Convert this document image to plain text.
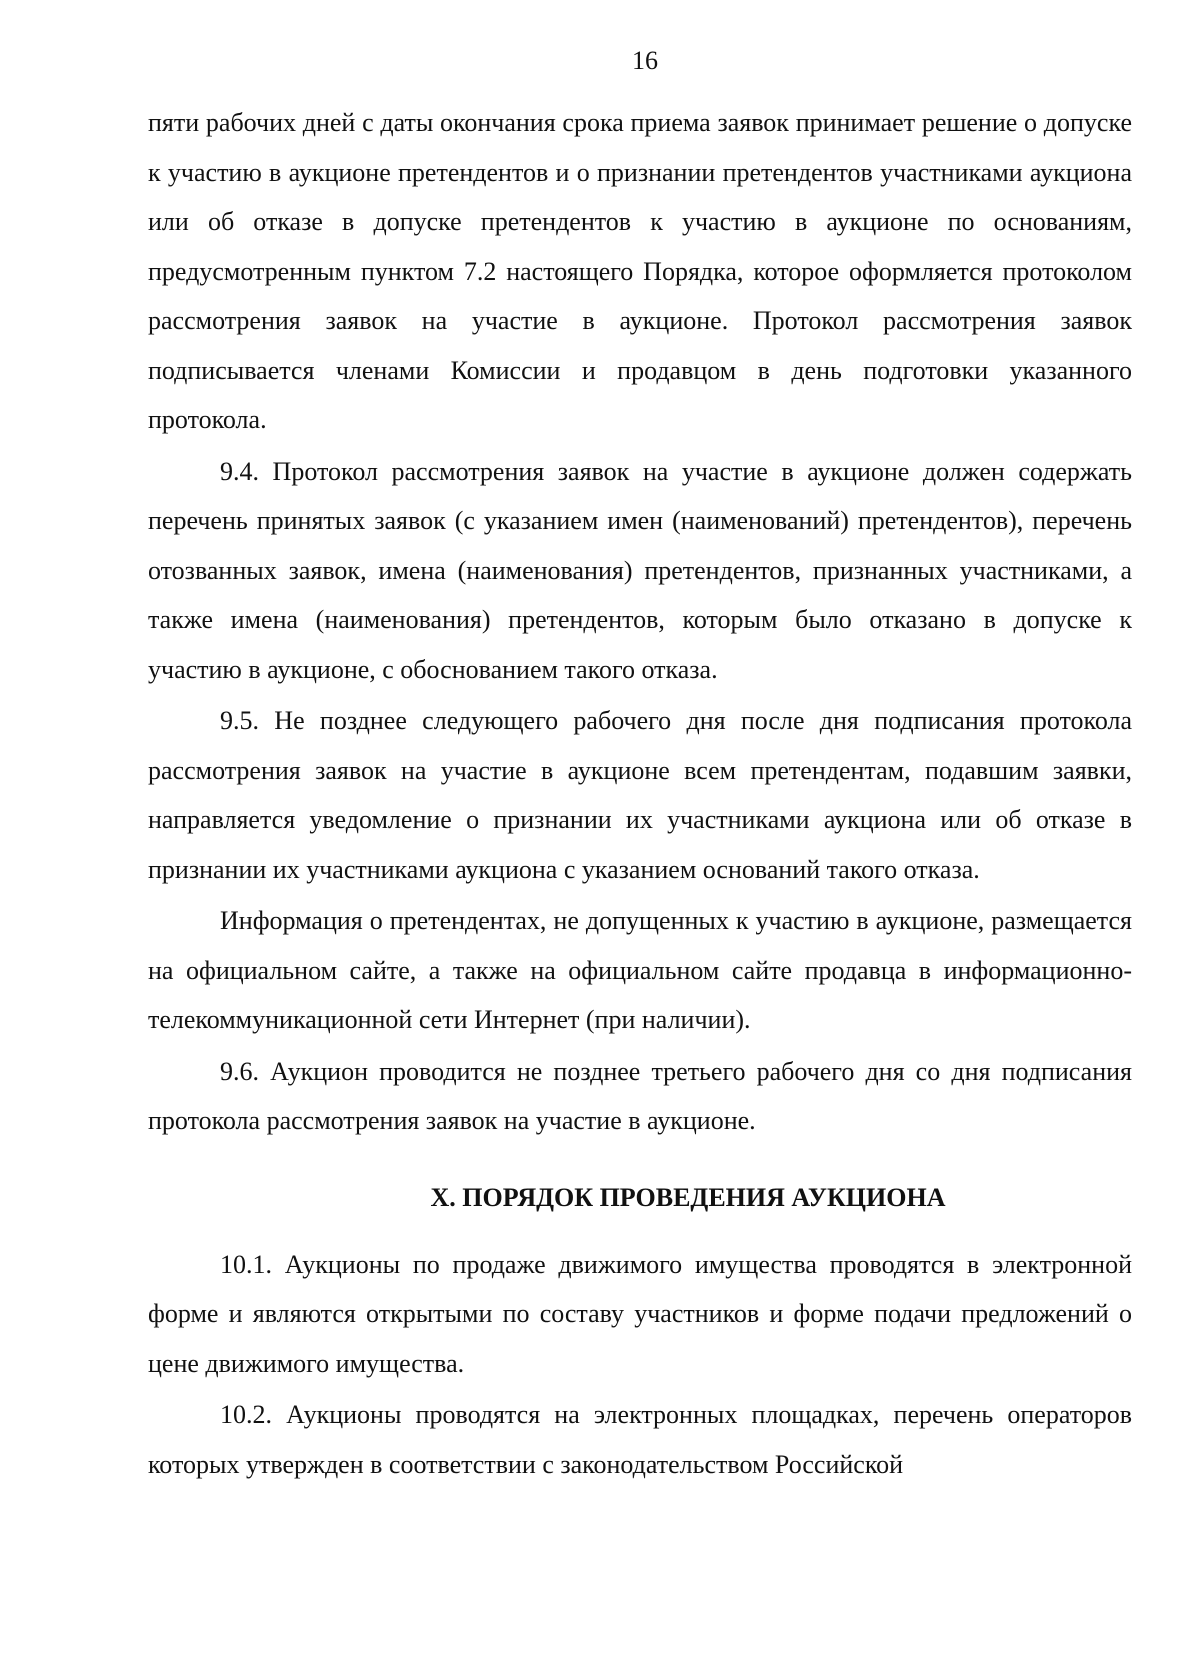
16

пяти рабочих дней с даты окончания срока приема заявок принимает решение о допуске к участию в аукционе претендентов и о признании претендентов участниками аукциона или об отказе в допуске претендентов к участию в аукционе по основаниям, предусмотренным пунктом 7.2 настоящего Порядка, которое оформляется протоколом рассмотрения заявок на участие в аукционе. Протокол рассмотрения заявок подписывается членами Комиссии и продавцом в день подготовки указанного протокола.

9.4. Протокол рассмотрения заявок на участие в аукционе должен содержать перечень принятых заявок (с указанием имен (наименований) претендентов), перечень отозванных заявок, имена (наименования) претендентов, признанных участниками, а также имена (наименования) претендентов, которым было отказано в допуске к участию в аукционе, с обоснованием такого отказа.

9.5. Не позднее следующего рабочего дня после дня подписания протокола рассмотрения заявок на участие в аукционе всем претендентам, подавшим заявки, направляется уведомление о признании их участниками аукциона или об отказе в признании их участниками аукциона с указанием оснований такого отказа.

Информация о претендентах, не допущенных к участию в аукционе, размещается на официальном сайте, а также на официальном сайте продавца в информационно-телекоммуникационной сети Интернет (при наличии).

9.6. Аукцион проводится не позднее третьего рабочего дня со дня подписания протокола рассмотрения заявок на участие в аукционе.

X. ПОРЯДОК ПРОВЕДЕНИЯ АУКЦИОНА

10.1. Аукционы по продаже движимого имущества проводятся в электронной форме и являются открытыми по составу участников и форме подачи предложений о цене движимого имущества.

10.2. Аукционы проводятся на электронных площадках, перечень операторов которых утвержден в соответствии с законодательством Российской
